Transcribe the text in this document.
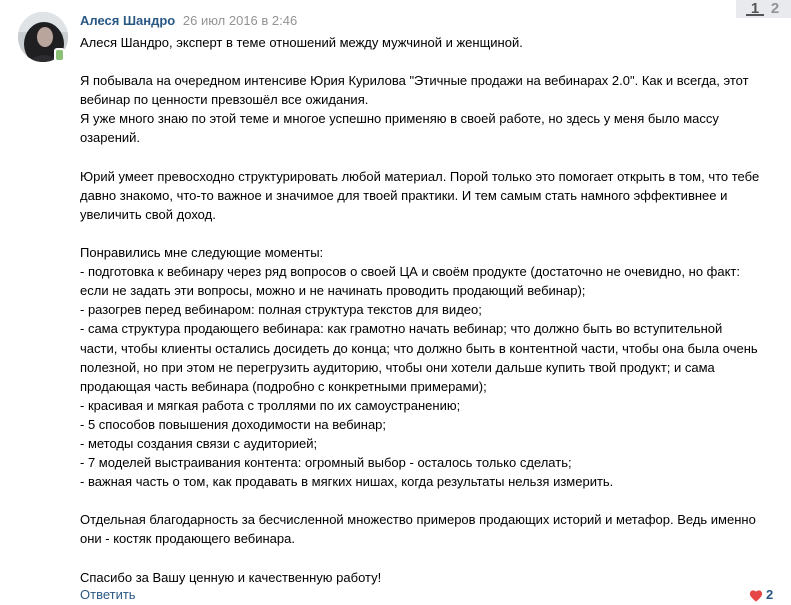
Алеся Шандро 26 июл 2016 в 2:46

Алеся Шандро, эксперт в теме отношений между мужчиной и женщиной.

Я побывала на очередном интенсиве Юрия Курилова "Этичные продажи на вебинарах 2.0". Как и всегда, этот

вебинар по ценности превзошёл все ожидания.

Я уже много знаю по этой теме и многое успешно применяю в своей работе, но здесь у меня было массу

озарений.

Юрий умеет превосходно структурировать любой материал. Порой только это помогает открыть в том, что тебе

давно знакомо, что-то важное и значимое для твоей практики. И тем самым стать намного эффективнее и

увеличить свой доход.

Понравились мне следующие моменты:

- подготовка к вебинару через ряд вопросов о своей ЦА и своём продукте (достаточно не очевидно, но факт:

если не задать эти вопросы, можно и не начинать проводить продающий вебинар);

- разогрев перед вебинаром: полная структура текстов для видео;

- сама структура продающего вебинара: как грамотно начать вебинар; что должно быть во вступительной

части, чтобы клиенты остались досидеть до конца; что должно быть в контентной части, чтобы она была очень

полезной, но при этом не перегрузить аудиторию, чтобы они хотели дальше купить твой продукт; и сама

продающая часть вебинара (подробно с конкретными примерами);

- красивая и мягкая работа с троллями по их самоустранению;

- 5 способов повышения доходимости на вебинар;

- методы создания связи с аудиторией;

- 7 моделей выстраивания контента: огромный выбор - осталось только сделать;

- важная часть о том, как продавать в мягких нишах, когда результаты нельзя измерить.

Отдельная благодарность за бесчисленной множество примеров продающих историй и метафор. Ведь именно

они - костяк продающего вебинара.

Спасибо за Вашу ценную и качественную работу!

Ответить	2
1 2
